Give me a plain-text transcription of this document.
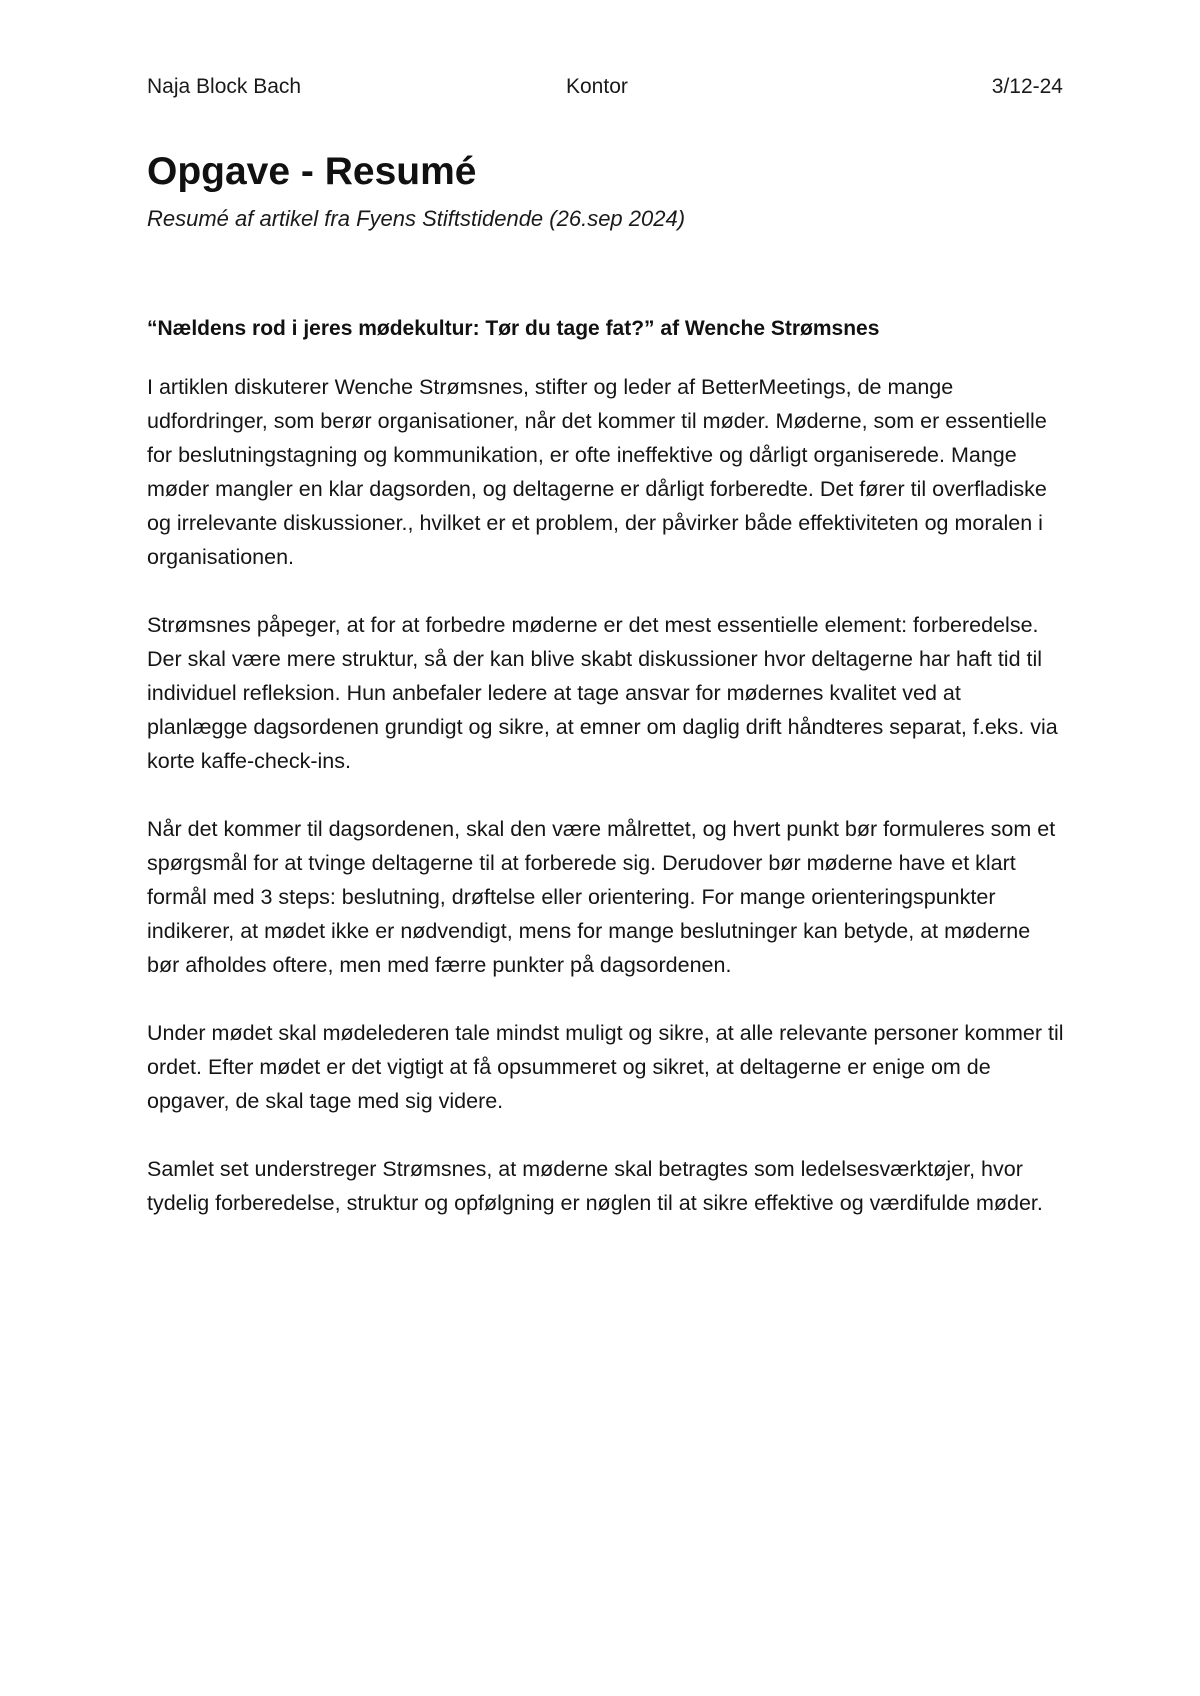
Naja Block Bach	Kontor	3/12-24
Opgave - Resumé

Resumé af artikel fra Fyens Stiftstidende (26.sep 2024)

“Nældens rod i jeres mødekultur: Tør du tage fat?” af Wenche Strømsnes

I artiklen diskuterer Wenche Strømsnes, stifter og leder af BetterMeetings, de mange udfordringer, som berør organisationer, når det kommer til møder. Møderne, som er essentielle for beslutningstagning og kommunikation, er ofte ineffektive og dårligt organiserede. Mange møder mangler en klar dagsorden, og deltagerne er dårligt forberedte. Det fører til overfladiske og irrelevante diskussioner., hvilket er et problem, der påvirker både effektiviteten og moralen i organisationen.

Strømsnes påpeger, at for at forbedre møderne er det mest essentielle element: forberedelse. Der skal være mere struktur, så der kan blive skabt diskussioner hvor deltagerne har haft tid til individuel refleksion. Hun anbefaler ledere at tage ansvar for mødernes kvalitet ved at planlægge dagsordenen grundigt og sikre, at emner om daglig drift håndteres separat, f.eks. via korte kaffe-check-ins.

Når det kommer til dagsordenen, skal den være målrettet, og hvert punkt bør formuleres som et spørgsmål for at tvinge deltagerne til at forberede sig. Derudover bør møderne have et klart formål med 3 steps: beslutning, drøftelse eller orientering. For mange orienteringspunkter indikerer, at mødet ikke er nødvendigt, mens for mange beslutninger kan betyde, at møderne bør afholdes oftere, men med færre punkter på dagsordenen.

Under mødet skal mødelederen tale mindst muligt og sikre, at alle relevante personer kommer til ordet. Efter mødet er det vigtigt at få opsummeret og sikret, at deltagerne er enige om de opgaver, de skal tage med sig videre.

Samlet set understreger Strømsnes, at møderne skal betragtes som ledelsesværktøjer, hvor tydelig forberedelse, struktur og opfølgning er nøglen til at sikre effektive og værdifulde møder.
